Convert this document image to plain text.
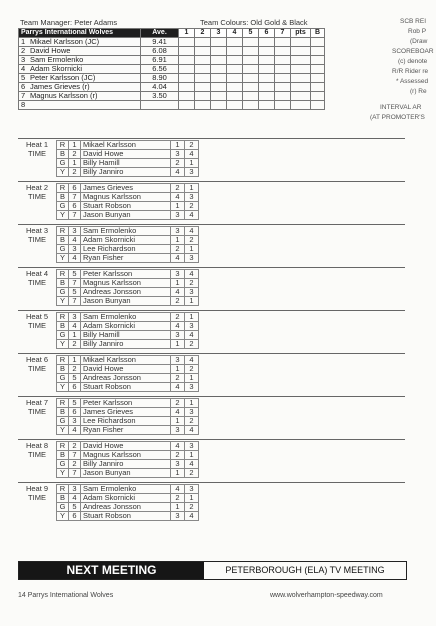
Team Manager: Peter Adams	Team Colours: Old Gold & Black
Parrys International Wolves	Ave.	1	2	3	4	5	6	7	pts	B
1 Mikael Karlsson (JC)	9.41									
2 David Howe	6.08									
3 Sam Ermolenko	6.91									
4 Adam Skornicki	6.56									
5 Peter Karlsson (JC)	8.90									
6 James Grieves (r)	4.04									
7 Magnus Karlsson (r)	3.50									
8										
SCB REI
Rob P
(Draw
SCOREBOAR
(c) denote
R/R Rider re
* Assessed
(r) Re
INTERVAL AR
(AT PROMOTER'S
Heat 1
TIME
R	1	Mikael Karlsson	1	2
B	2	David Howe	3	4
G	1	Billy Hamill	2	1
Y	2	Billy Janniro	4	3
Heat 2
TIME
R	6	James Grieves	2	1
B	7	Magnus Karlsson	4	3
G	6	Stuart Robson	1	2
Y	7	Jason Bunyan	3	4
Heat 3
TIME
R	3	Sam Ermolenko	3	4
B	4	Adam Skornicki	1	2
G	3	Lee Richardson	2	1
Y	4	Ryan Fisher	4	3
Heat 4
TIME
R	5	Peter Karlsson	3	4
B	7	Magnus Karlsson	1	2
G	5	Andreas Jonsson	4	3
Y	7	Jason Bunyan	2	1
Heat 5
TIME
R	3	Sam Ermolenko	2	1
B	4	Adam Skornicki	4	3
G	1	Billy Hamill	3	4
Y	2	Billy Janniro	1	2
Heat 6
TIME
R	1	Mikael Karlsson	3	4
B	2	David Howe	1	2
G	5	Andreas Jonsson	2	1
Y	6	Stuart Robson	4	3
Heat 7
TIME
R	5	Peter Karlsson	2	1
B	6	James Grieves	4	3
G	3	Lee Richardson	1	2
Y	4	Ryan Fisher	3	4
Heat 8
TIME
R	2	David Howe	4	3
B	7	Magnus Karlsson	2	1
G	2	Billy Janniro	3	4
Y	7	Jason Bunyan	1	2
Heat 9
TIME
R	3	Sam Ermolenko	4	3
B	4	Adam Skornicki	2	1
G	5	Andreas Jonsson	1	2
Y	6	Stuart Robson	3	4
NEXT MEETING	PETERBOROUGH (ELA) TV MEETING
14 Parrys International Wolves	www.wolverhampton-speedway.com
